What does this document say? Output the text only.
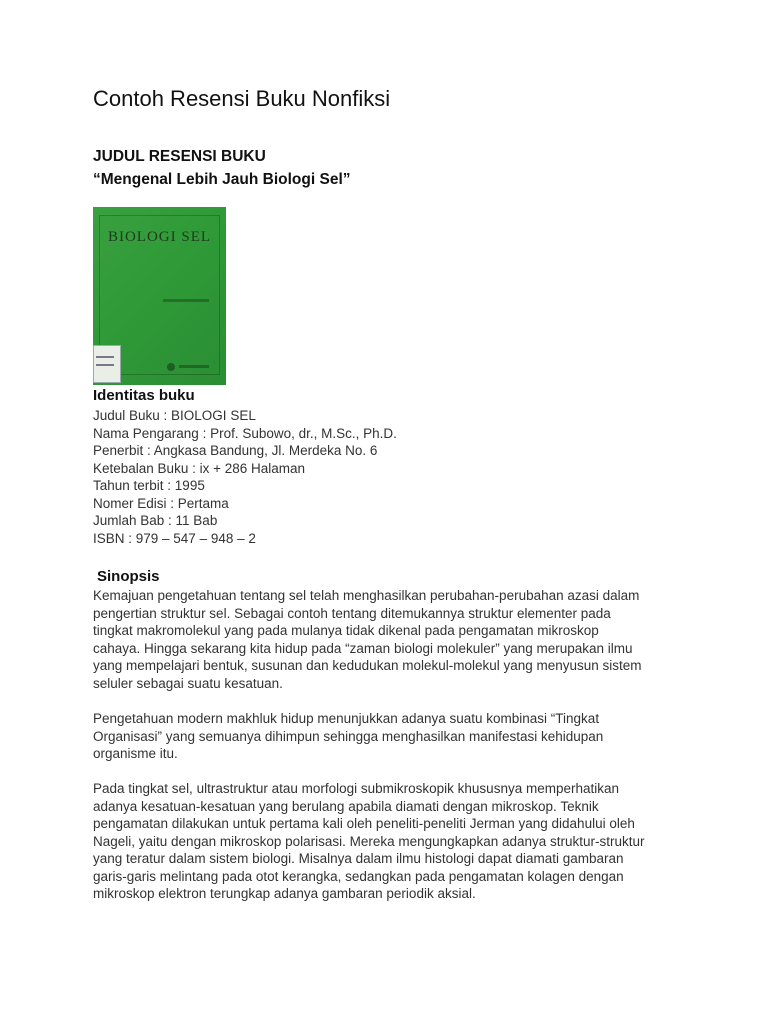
Contoh Resensi Buku Nonfiksi
JUDUL RESENSI BUKU
“Mengenal Lebih Jauh Biologi Sel”
BIOLOGI SEL
Identitas buku
Judul Buku : BIOLOGI SEL
Nama Pengarang : Prof. Subowo, dr., M.Sc., Ph.D.
Penerbit : Angkasa Bandung, Jl. Merdeka No. 6
Ketebalan Buku : ix + 286 Halaman
Tahun terbit : 1995
Nomer Edisi : Pertama
Jumlah Bab : 11 Bab
ISBN : 979 – 547 – 948 – 2
Sinopsis

Kemajuan pengetahuan tentang sel telah menghasilkan perubahan-perubahan azasi dalam
pengertian struktur sel. Sebagai contoh tentang ditemukannya struktur elementer pada
tingkat makromolekul yang pada mulanya tidak dikenal pada pengamatan mikroskop
cahaya. Hingga sekarang kita hidup pada “zaman biologi molekuler” yang merupakan ilmu
yang mempelajari bentuk, susunan dan kedudukan molekul-molekul yang menyusun sistem
seluler sebagai suatu kesatuan.

Pengetahuan modern makhluk hidup menunjukkan adanya suatu kombinasi “Tingkat
Organisasi” yang semuanya dihimpun sehingga menghasilkan manifestasi kehidupan
organisme itu.

Pada tingkat sel, ultrastruktur atau morfologi submikroskopik khususnya memperhatikan
adanya kesatuan-kesatuan yang berulang apabila diamati dengan mikroskop. Teknik
pengamatan dilakukan untuk pertama kali oleh peneliti-peneliti Jerman yang didahului oleh
Nageli, yaitu dengan mikroskop polarisasi. Mereka mengungkapkan adanya struktur-struktur
yang teratur dalam sistem biologi. Misalnya dalam ilmu histologi dapat diamati gambaran
garis-garis melintang pada otot kerangka, sedangkan pada pengamatan kolagen dengan
mikroskop elektron terungkap adanya gambaran periodik aksial.
